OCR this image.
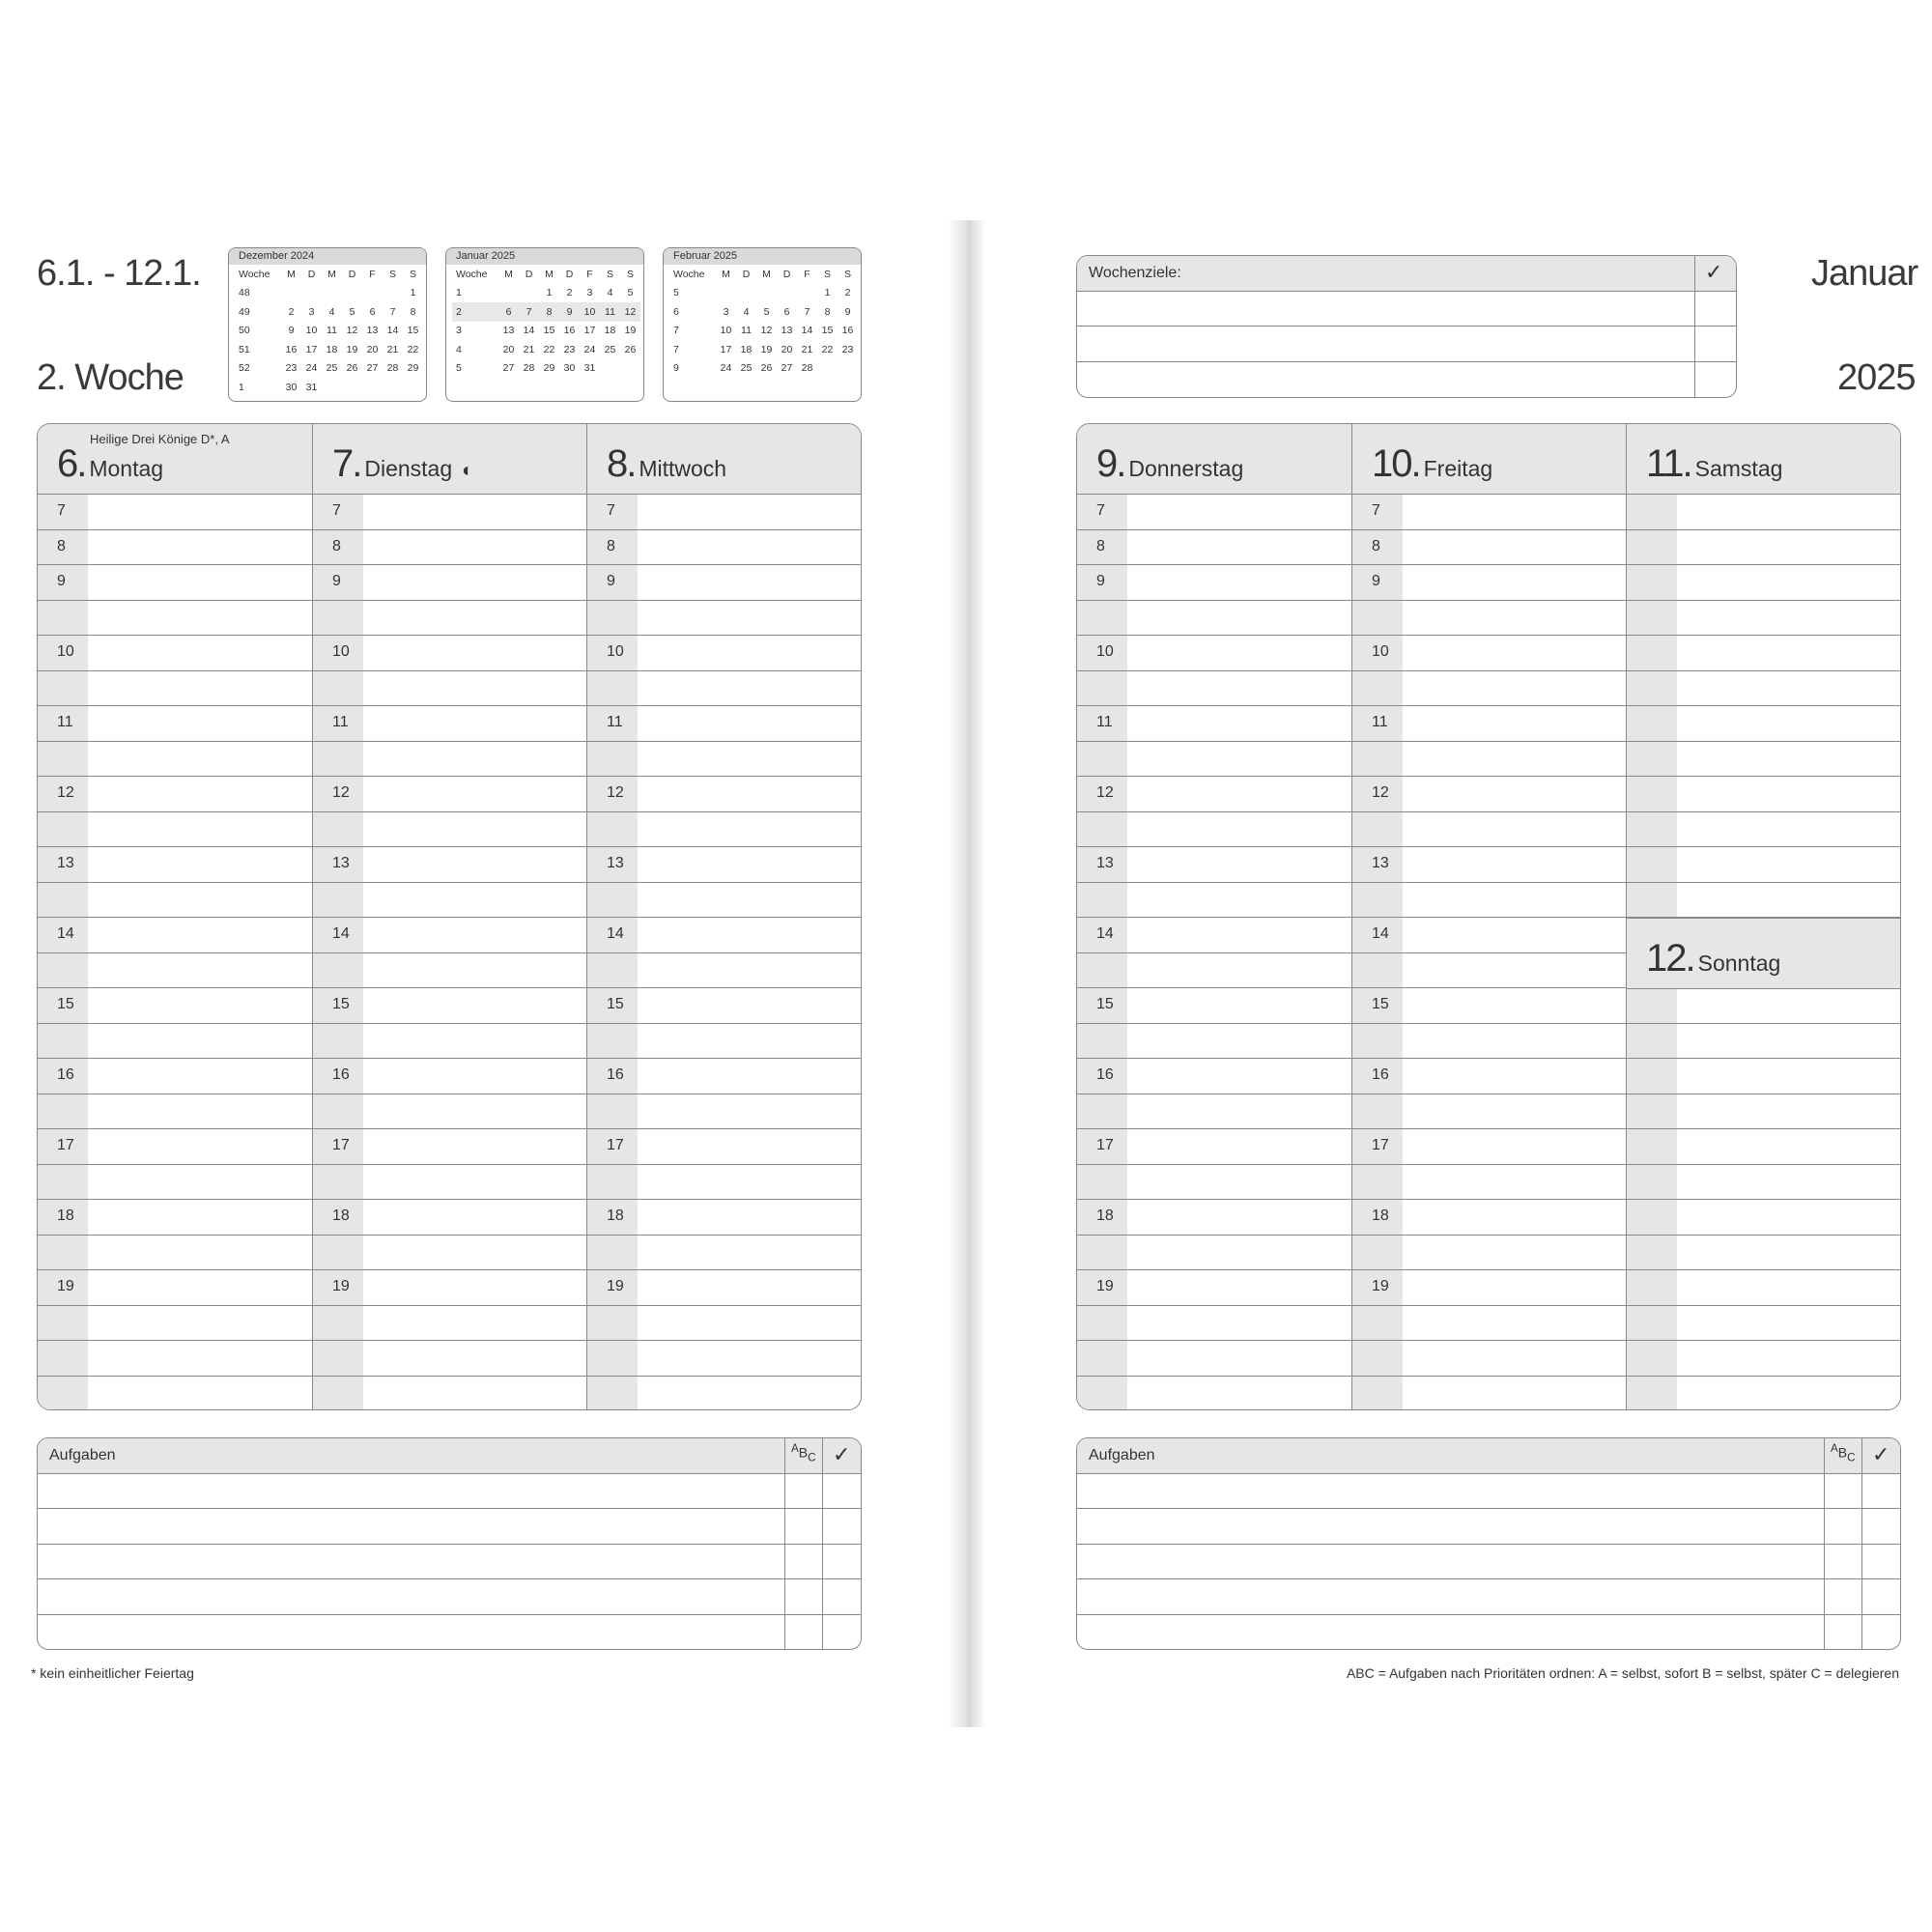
6.1. - 12.1.
2. Woche
Dezember 2024
Woche	M	D	M	D	F	S	S
48							1
49	2	3	4	5	6	7	8
50	9	10	11	12	13	14	15
51	16	17	18	19	20	21	22
52	23	24	25	26	27	28	29
1	30	31					
Januar 2025
Woche	M	D	M	D	F	S	S
1			1	2	3	4	5
2	6	7	8	9	10	11	12
3	13	14	15	16	17	18	19
4	20	21	22	23	24	25	26
5	27	28	29	30	31		
Februar 2025
Woche	M	D	M	D	F	S	S
5						1	2
6	3	4	5	6	7	8	9
7	10	11	12	13	14	15	16
7	17	18	19	20	21	22	23
9	24	25	26	27	28		
Heilige Drei Könige D*, A
6. Montag
7
8
9
10
11
12
13
14
15
16
17
18
19
7. Dienstag ◐
7
8
9
10
11
12
13
14
15
16
17
18
19
8. Mittwoch
7
8
9
10
11
12
13
14
15
16
17
18
19
Aufgaben	$^AB_C$ ✓
* kein einheitlicher Feiertag
Wochenziele:	✓ Januar
2025
9. Donnerstag
7
8
9
10
11
12
13
14
15
16
17
18
19
10. Freitag
7
8
9
10
11
12
13
14
15
16
17
18
19
11. Samstag
12. Sonntag
Aufgaben	$^AB_C$ ✓
ABC = Aufgaben nach Prioritäten ordnen: A = selbst, sofort B = selbst, später C = delegieren
